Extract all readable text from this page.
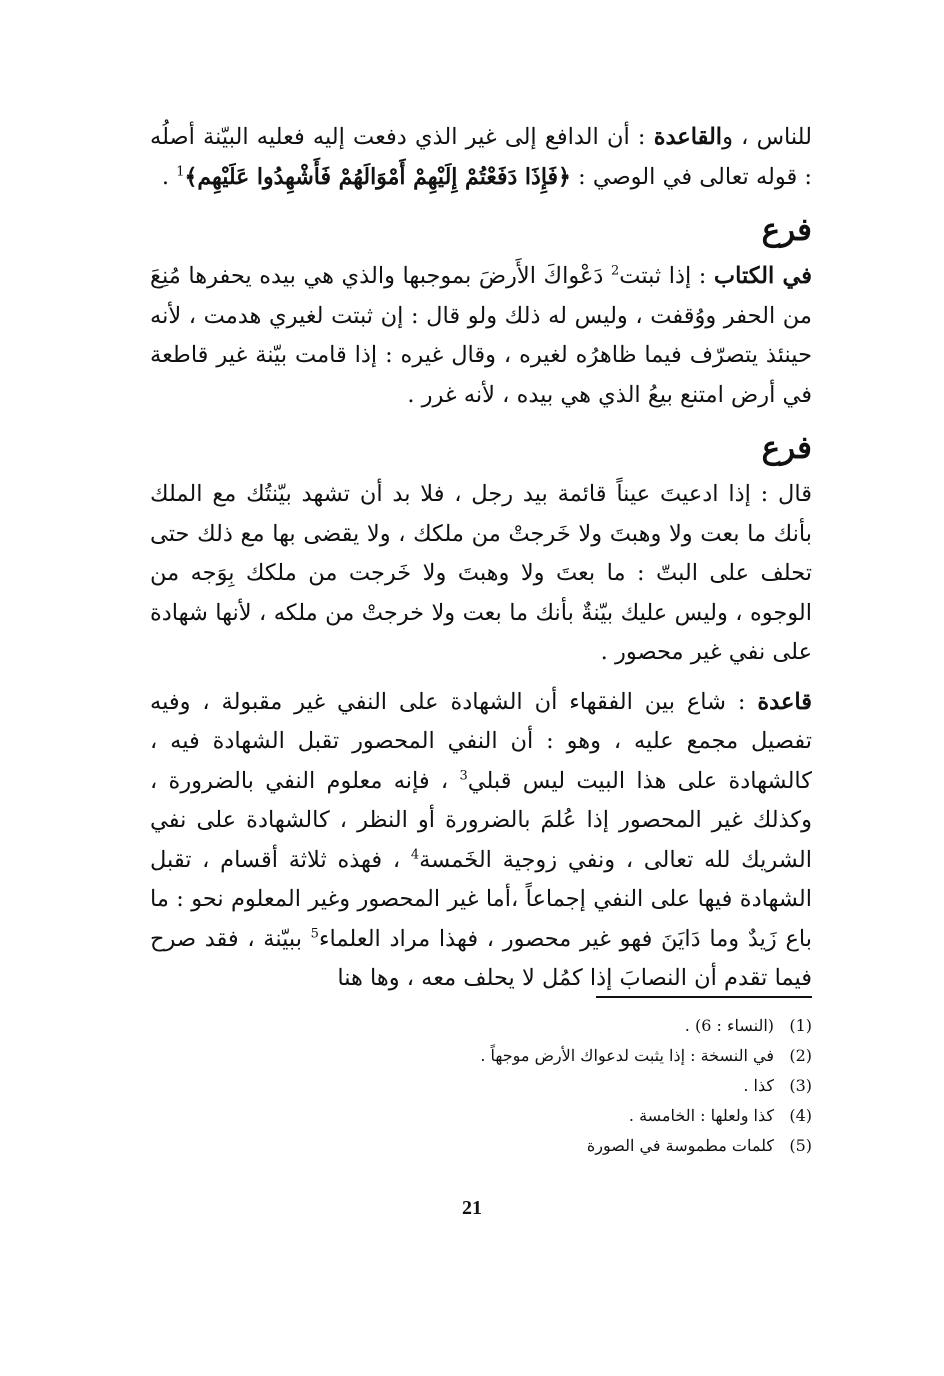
للناس ، والقاعدة : أن الدافع إلى غير الذي دفعت إليه فعليه البيّنة أصلُه : قوله تعالى في الوصي : ﴿فَإِذَا دَفَعْتُمْ إِلَيْهِمْ أَمْوَالَهُمْ فَأَشْهِدُوا عَلَيْهِم﴾$^1$ .

فرع

في الكتاب : إذا ثبتت$^2$ دَعْواكَ الأَرضَ بموجبها والذي هي بيده يحفرها مُنِعَ من الحفر ووُقفت ، وليس له ذلك ولو قال : إن ثبتت لغيري هدمت ، لأنه حينئذ يتصرّف فيما ظاهرُه لغيره ، وقال غيره : إذا قامت بيّنة غير قاطعة في أرض امتنع بيعُ الذي هي بيده ، لأنه غرر .

فرع

قال : إذا ادعيتَ عيناً قائمة بيد رجل ، فلا بد أن تشهد بيّنتُك مع الملك بأنك ما بعت ولا وهبتَ ولا خَرجتْ من ملكك ، ولا يقضى بها مع ذلك حتى تحلف على البتّ : ما بعتَ ولا وهبتَ ولا خَرجت من ملكك بِوَجه من الوجوه ، وليس عليك بيّنةٌ بأنك ما بعت ولا خرجتْ من ملكه ، لأنها شهادة على نفي غير محصور .

قاعدة : شاع بين الفقهاء أن الشهادة على النفي غير مقبولة ، وفيه تفصيل مجمع عليه ، وهو : أن النفي المحصور تقبل الشهادة فيه ، كالشهادة على هذا البيت ليس قبلي$^3$ ، فإنه معلوم النفي بالضرورة ، وكذلك غير المحصور إذا عُلمَ بالضرورة أو النظر ، كالشهادة على نفي الشريك لله تعالى ، ونفي زوجية الخَمسة$^4$ ، فهذه ثلاثة أقسام ، تقبل الشهادة فيها على النفي إجماعاً ،أما غير المحصور وغير المعلوم نحو : ما باع زَيدٌ وما دَايَنَ فهو غير محصور ، فهذا مراد العلماء$^5$ ببيّنة ، فقد صرح فيما تقدم أن النصابَ إذا كمُل لا يحلف معه ، وها هنا

(1)
(النساء : 6) .
(2)
في النسخة : إذا يثبت لدعواك الأرض موجهاً .
(3)
كذا .
(4)
كذا ولعلها : الخامسة .
(5)
كلمات مطموسة في الصورة
21
